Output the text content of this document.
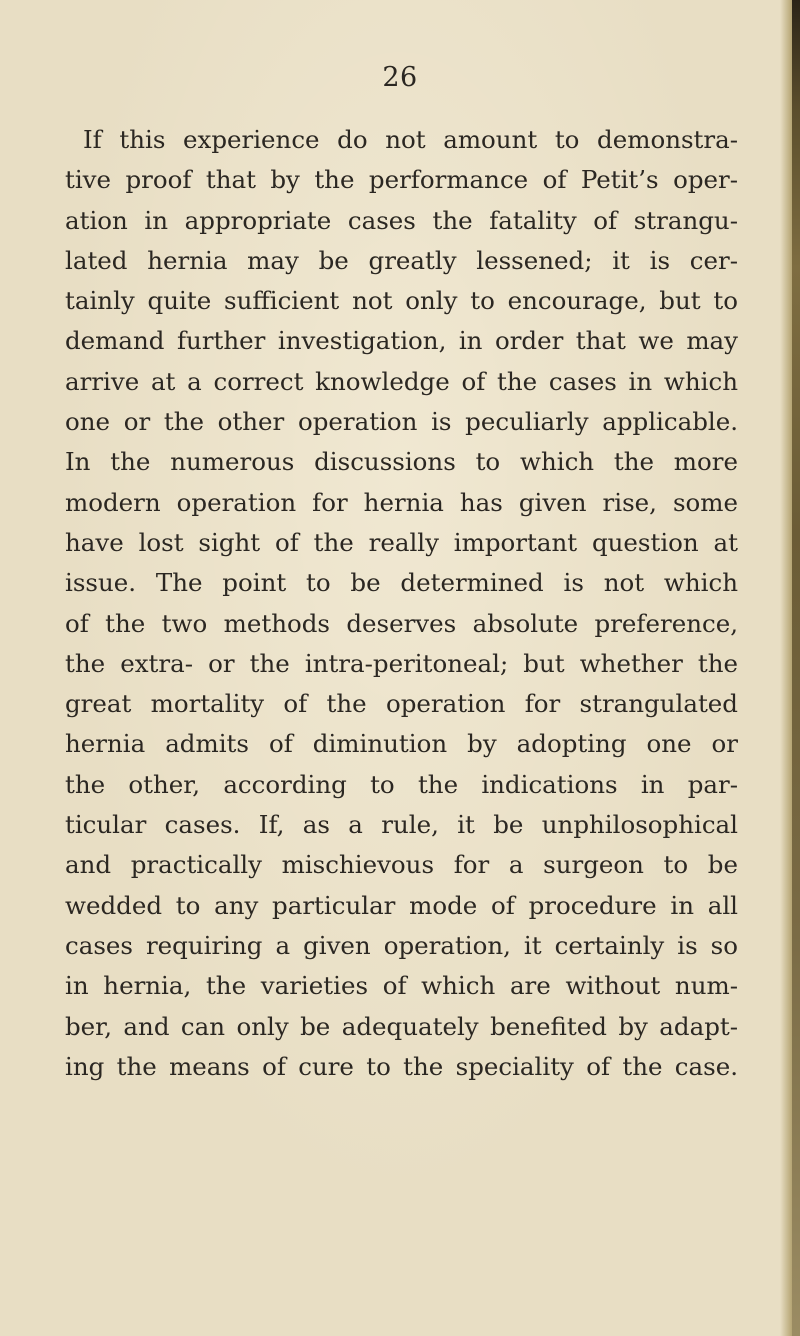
26
If this experience do not amount to demonstra-
tive proof that by the performance of Petit’s oper-
ation in appropriate cases the fatality of strangu-
lated hernia may be greatly lessened; it is cer-
tainly quite sufficient not only to encourage, but to
demand further investigation, in order that we may
arrive at a correct knowledge of the cases in which
one or the other operation is peculiarly applicable.
In the numerous discussions to which the more
modern operation for hernia has given rise, some
have lost sight of the really important question at
issue. The point to be determined is not which
of the two methods deserves absolute preference,
the extra- or the intra-peritoneal; but whether the
great mortality of the operation for strangulated
hernia admits of diminution by adopting one or
the other, according to the indications in par-
ticular cases. If, as a rule, it be unphilosophical
and practically mischievous for a surgeon to be
wedded to any particular mode of procedure in all
cases requiring a given operation, it certainly is so
in hernia, the varieties of which are without num-
ber, and can only be adequately benefited by adapt-
ing the means of cure to the speciality of the case.
